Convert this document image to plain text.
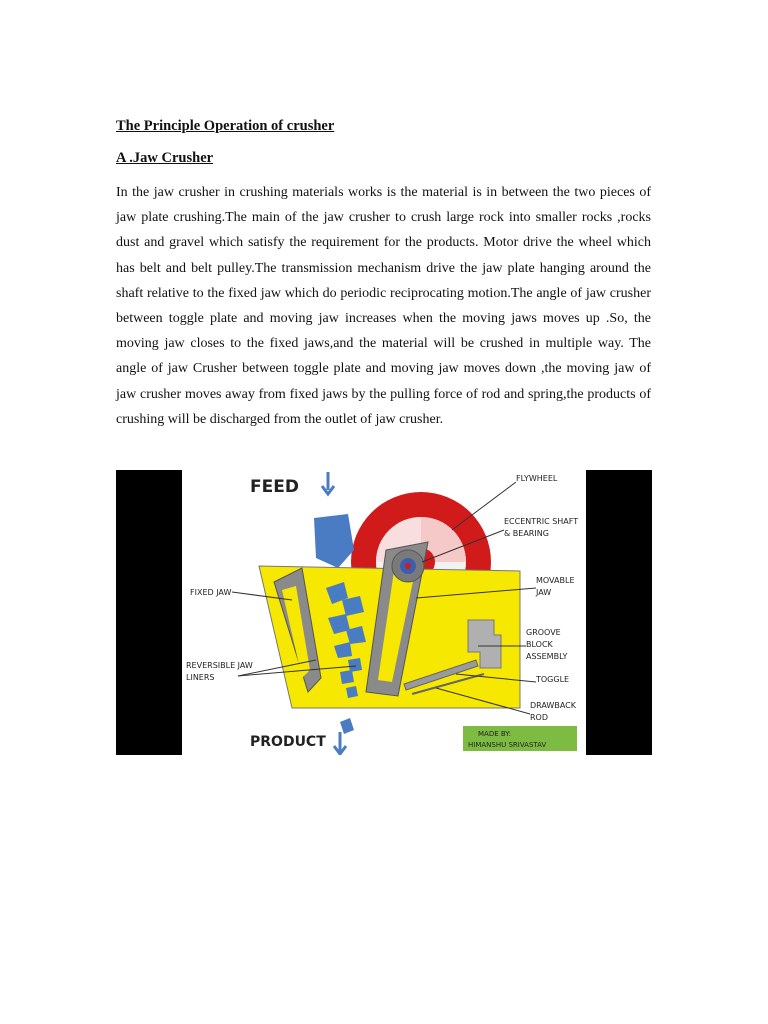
The Principle Operation of crusher

A .Jaw Crusher

In the jaw crusher in crushing materials works is the material is in between the two pieces of jaw plate crushing.The main of the jaw crusher to crush large rock into smaller rocks ,rocks dust and gravel which satisfy the requirement for the products. Motor drive the wheel which has belt and belt pulley.The transmission mechanism drive the jaw plate hanging around the shaft relative to the fixed jaw which do periodic reciprocating motion.The angle of jaw crusher between toggle plate and moving jaw increases when the moving jaws moves up .So, the moving jaw closes to the fixed jaws,and the material will be crushed in multiple way. The angle of jaw Crusher between toggle plate and moving jaw moves down ,the moving jaw of jaw crusher moves away from fixed jaws by the pulling force of rod and spring,the products of crushing will be discharged from the outlet of jaw crusher.

FEED
PRODUCT
FLYWHEEL
ECCENTRIC SHAFT
& BEARING
MOVABLE
JAW
FIXED JAW
GROOVE
BLOCK
ASSEMBLY
REVERSIBLE JAW
LINERS	TOGGLE
DRAWBACK
ROD
MADE BY:
HIMANSHU SRIVASTAV
